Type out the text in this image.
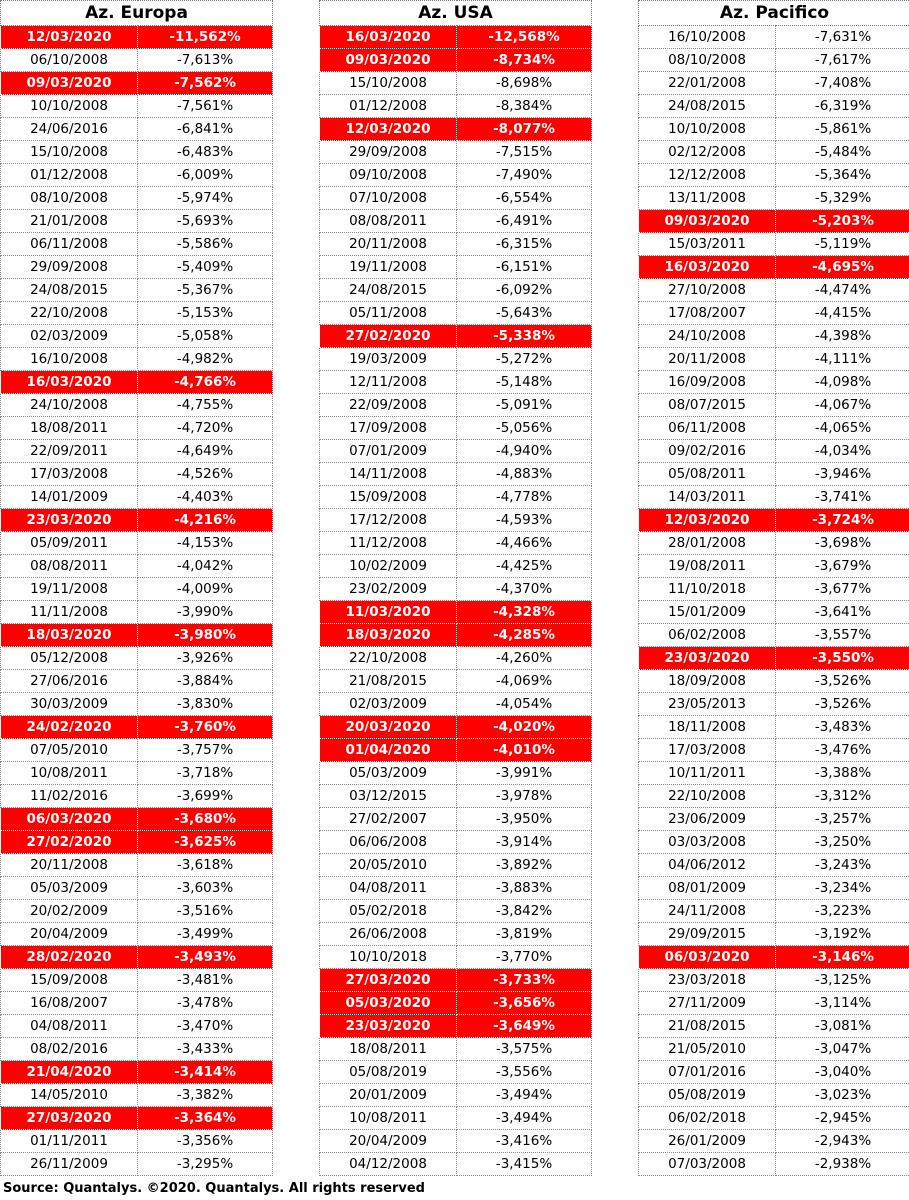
Az. Europa	
12/03/2020	-11,562%
06/10/2008	-7,613%
09/03/2020	-7,562%
10/10/2008	-7,561%
24/06/2016	-6,841%
15/10/2008	-6,483%
01/12/2008	-6,009%
08/10/2008	-5,974%
21/01/2008	-5,693%
06/11/2008	-5,586%
29/09/2008	-5,409%
24/08/2015	-5,367%
22/10/2008	-5,153%
02/03/2009	-5,058%
16/10/2008	-4,982%
16/03/2020	-4,766%
24/10/2008	-4,755%
18/08/2011	-4,720%
22/09/2011	-4,649%
17/03/2008	-4,526%
14/01/2009	-4,403%
23/03/2020	-4,216%
05/09/2011	-4,153%
08/08/2011	-4,042%
19/11/2008	-4,009%
11/11/2008	-3,990%
18/03/2020	-3,980%
05/12/2008	-3,926%
27/06/2016	-3,884%
30/03/2009	-3,830%
24/02/2020	-3,760%
07/05/2010	-3,757%
10/08/2011	-3,718%
11/02/2016	-3,699%
06/03/2020	-3,680%
27/02/2020	-3,625%
20/11/2008	-3,618%
05/03/2009	-3,603%
20/02/2009	-3,516%
20/04/2009	-3,499%
28/02/2020	-3,493%
15/09/2008	-3,481%
16/08/2007	-3,478%
04/08/2011	-3,470%
08/02/2016	-3,433%
21/04/2020	-3,414%
14/05/2010	-3,382%
27/03/2020	-3,364%
01/11/2011	-3,356%
26/11/2009	-3,295%
Az. USA	
16/03/2020	-12,568%
09/03/2020	-8,734%
15/10/2008	-8,698%
01/12/2008	-8,384%
12/03/2020	-8,077%
29/09/2008	-7,515%
09/10/2008	-7,490%
07/10/2008	-6,554%
08/08/2011	-6,491%
20/11/2008	-6,315%
19/11/2008	-6,151%
24/08/2015	-6,092%
05/11/2008	-5,643%
27/02/2020	-5,338%
19/03/2009	-5,272%
12/11/2008	-5,148%
22/09/2008	-5,091%
17/09/2008	-5,056%
07/01/2009	-4,940%
14/11/2008	-4,883%
15/09/2008	-4,778%
17/12/2008	-4,593%
11/12/2008	-4,466%
10/02/2009	-4,425%
23/02/2009	-4,370%
11/03/2020	-4,328%
18/03/2020	-4,285%
22/10/2008	-4,260%
21/08/2015	-4,069%
02/03/2009	-4,054%
20/03/2020	-4,020%
01/04/2020	-4,010%
05/03/2009	-3,991%
03/12/2015	-3,978%
27/02/2007	-3,950%
06/06/2008	-3,914%
20/05/2010	-3,892%
04/08/2011	-3,883%
05/02/2018	-3,842%
26/06/2008	-3,819%
10/10/2018	-3,770%
27/03/2020	-3,733%
05/03/2020	-3,656%
23/03/2020	-3,649%
18/08/2011	-3,575%
05/08/2019	-3,556%
20/01/2009	-3,494%
10/08/2011	-3,494%
20/04/2009	-3,416%
04/12/2008	-3,415%
Az. Pacifico	
16/10/2008	-7,631%
08/10/2008	-7,617%
22/01/2008	-7,408%
24/08/2015	-6,319%
10/10/2008	-5,861%
02/12/2008	-5,484%
12/12/2008	-5,364%
13/11/2008	-5,329%
09/03/2020	-5,203%
15/03/2011	-5,119%
16/03/2020	-4,695%
27/10/2008	-4,474%
17/08/2007	-4,415%
24/10/2008	-4,398%
20/11/2008	-4,111%
16/09/2008	-4,098%
08/07/2015	-4,067%
06/11/2008	-4,065%
09/02/2016	-4,034%
05/08/2011	-3,946%
14/03/2011	-3,741%
12/03/2020	-3,724%
28/01/2008	-3,698%
19/08/2011	-3,679%
11/10/2018	-3,677%
15/01/2009	-3,641%
06/02/2008	-3,557%
23/03/2020	-3,550%
18/09/2008	-3,526%
23/05/2013	-3,526%
18/11/2008	-3,483%
17/03/2008	-3,476%
10/11/2011	-3,388%
22/10/2008	-3,312%
23/06/2009	-3,257%
03/03/2008	-3,250%
04/06/2012	-3,243%
08/01/2009	-3,234%
24/11/2008	-3,223%
29/09/2015	-3,192%
06/03/2020	-3,146%
23/03/2018	-3,125%
27/11/2009	-3,114%
21/08/2015	-3,081%
21/05/2010	-3,047%
07/01/2016	-3,040%
05/08/2019	-3,023%
06/02/2018	-2,945%
26/01/2009	-2,943%
07/03/2008	-2,938%
Source: Quantalys. ©2020. Quantalys. All rights reserved
